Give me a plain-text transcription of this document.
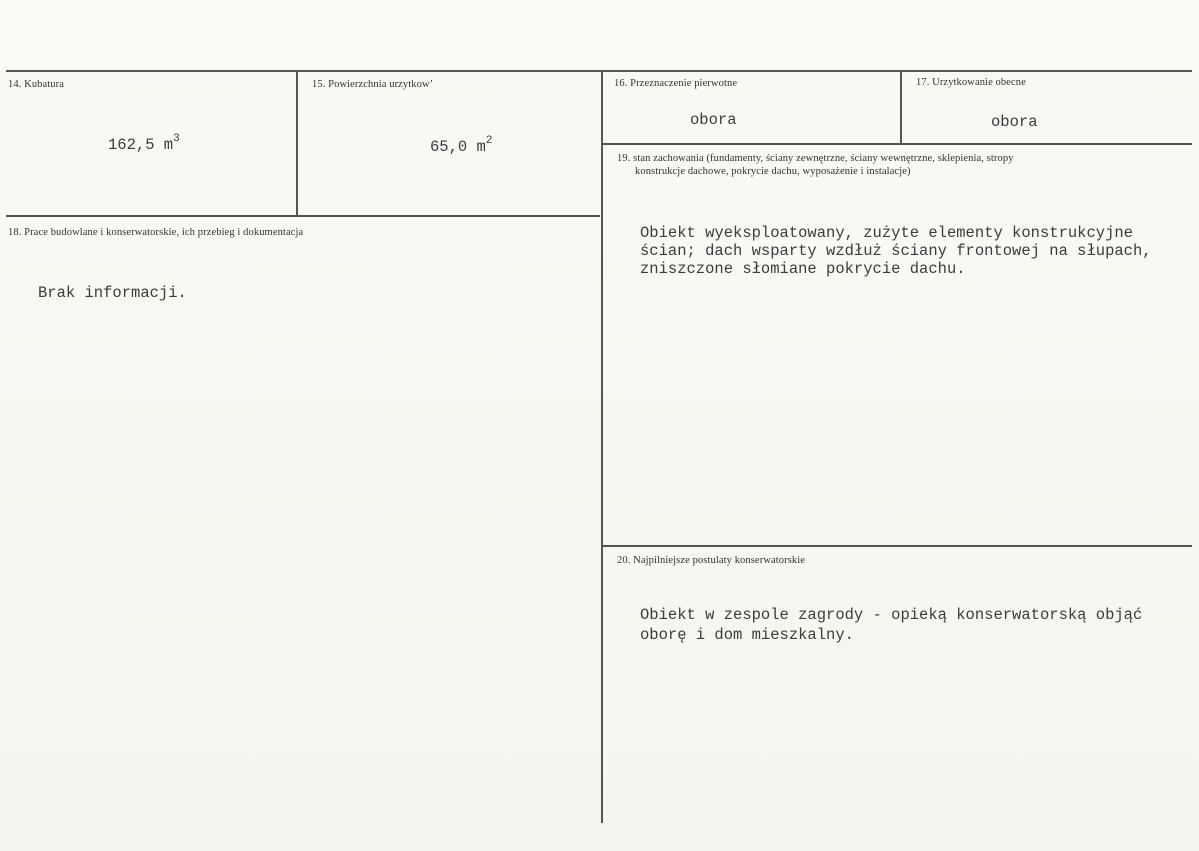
14. Kubatura
162,5 $m^3$
15. Powierzchnia urzytkow’
65,0 $m^2$
16. Przeznaczenie pierwotne
obora
17. Urzytkowanie obecne
obora
18. Prace budowlane i konserwatorskie, ich przebieg i dokumentacja
Brak informacji.
19. stan zachowania (fundamenty, ściany zewnętrzne, ściany wewnętrzne, sklepienia, stropy
konstrukcje dachowe, pokrycie dachu, wyposażenie i instalacje)
Obiekt wyeksploatowany, zużyte elementy konstrukcyjne
ścian; dach wsparty wzdłuż ściany frontowej na słupach,
zniszczone słomiane pokrycie dachu.
20. Najpilniejsze postulaty konserwatorskie
Obiekt w zespole zagrody - opieką konserwatorską objąć
oborę i dom mieszkalny.
